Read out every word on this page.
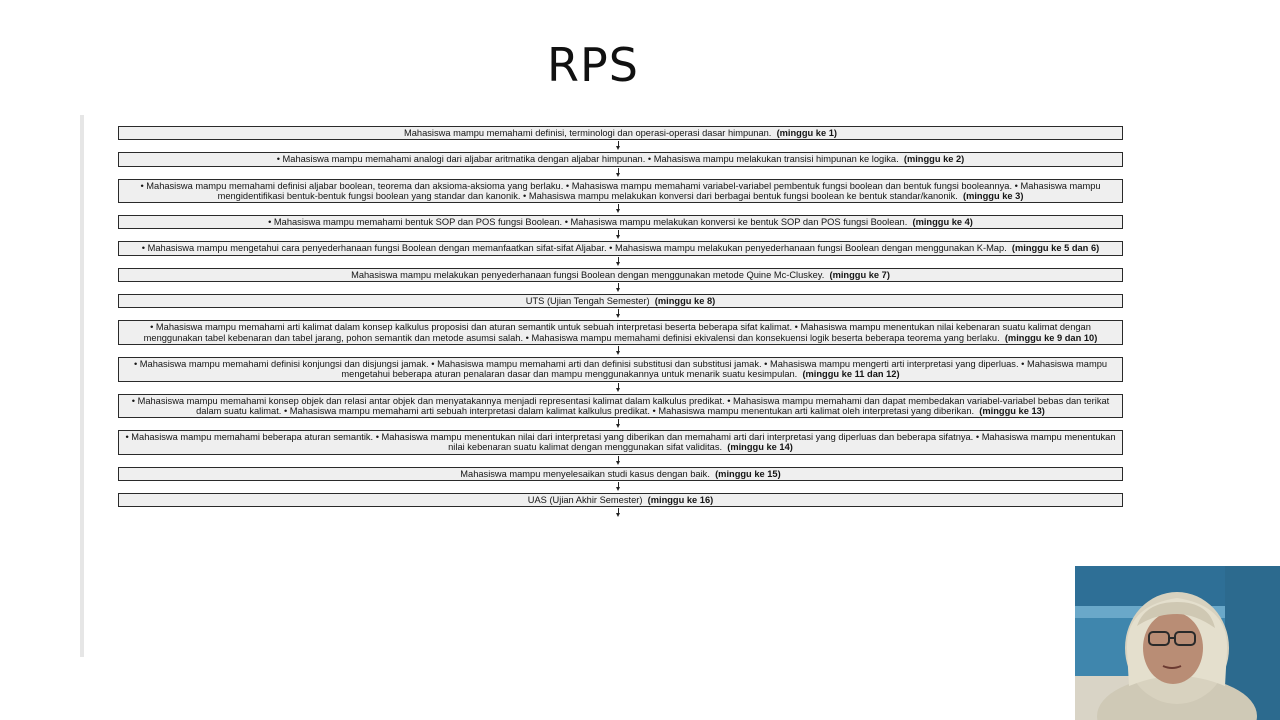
RPS
Mahasiswa mampu memahami definisi, terminologi dan operasi-operasi dasar himpunan. (minggu ke 1)
• Mahasiswa mampu memahami analogi dari aljabar aritmatika dengan aljabar himpunan. • Mahasiswa mampu melakukan transisi himpunan ke logika. (minggu ke 2)
• Mahasiswa mampu memahami definisi aljabar boolean, teorema dan aksioma-aksioma yang berlaku. • Mahasiswa mampu memahami variabel-variabel pembentuk fungsi boolean dan bentuk fungsi booleannya. • Mahasiswa mampu mengidentifikasi bentuk-bentuk fungsi boolean yang standar dan kanonik. • Mahasiswa mampu melakukan konversi dari berbagai bentuk fungsi boolean ke bentuk standar/kanonik. (minggu ke 3)
• Mahasiswa mampu memahami bentuk SOP dan POS fungsi Boolean. • Mahasiswa mampu melakukan konversi ke bentuk SOP dan POS fungsi Boolean. (minggu ke 4)
• Mahasiswa mampu mengetahui cara penyederhanaan fungsi Boolean dengan memanfaatkan sifat-sifat Aljabar. • Mahasiswa mampu melakukan penyederhanaan fungsi Boolean dengan menggunakan K-Map. (minggu ke 5 dan 6)
Mahasiswa mampu melakukan penyederhanaan fungsi Boolean dengan menggunakan metode Quine Mc-Cluskey. (minggu ke 7)
UTS (Ujian Tengah Semester) (minggu ke 8)
• Mahasiswa mampu memahami arti kalimat dalam konsep kalkulus proposisi dan aturan semantik untuk sebuah interpretasi beserta beberapa sifat kalimat. • Mahasiswa mampu menentukan nilai kebenaran suatu kalimat dengan menggunakan tabel kebenaran dan tabel jarang, pohon semantik dan metode asumsi salah. • Mahasiswa mampu memahami definisi ekivalensi dan konsekuensi logik beserta beberapa teorema yang berlaku. (minggu ke 9 dan 10)
• Mahasiswa mampu memahami definisi konjungsi dan disjungsi jamak. • Mahasiswa mampu memahami arti dan definisi substitusi dan substitusi jamak. • Mahasiswa mampu mengerti arti interpretasi yang diperluas. • Mahasiswa mampu mengetahui beberapa aturan penalaran dasar dan mampu menggunakannya untuk menarik suatu kesimpulan. (minggu ke 11 dan 12)
• Mahasiswa mampu memahami konsep objek dan relasi antar objek dan menyatakannya menjadi representasi kalimat dalam kalkulus predikat. • Mahasiswa mampu memahami dan dapat membedakan variabel-variabel bebas dan terikat dalam suatu kalimat. • Mahasiswa mampu memahami arti sebuah interpretasi dalam kalimat kalkulus predikat. • Mahasiswa mampu menentukan arti kalimat oleh interpretasi yang diberikan. (minggu ke 13)
• Mahasiswa mampu memahami beberapa aturan semantik. • Mahasiswa mampu menentukan nilai dari interpretasi yang diberikan dan memahami arti dari interpretasi yang diperluas dan beberapa sifatnya. • Mahasiswa mampu menentukan nilai kebenaran suatu kalimat dengan menggunakan sifat validitas. (minggu ke 14)
Mahasiswa mampu menyelesaikan studi kasus dengan baik. (minggu ke 15)
UAS (Ujian Akhir Semester) (minggu ke 16)
